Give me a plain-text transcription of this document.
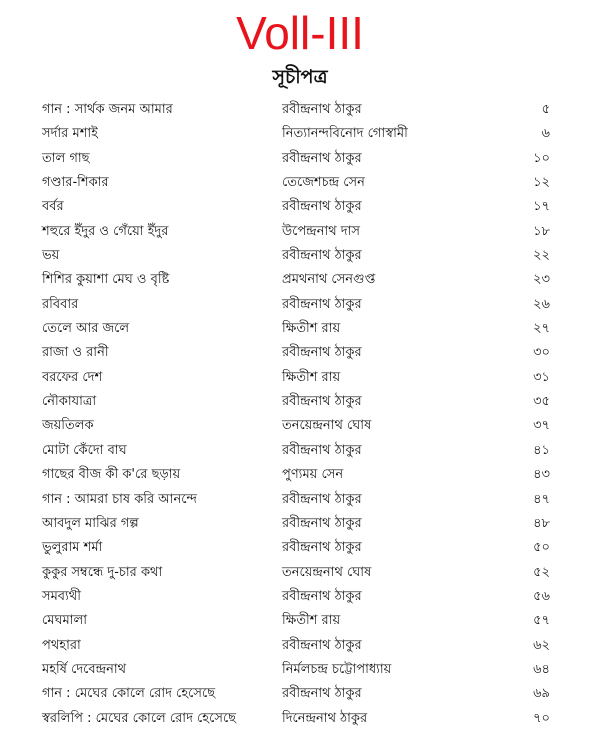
Voll-III
সূচীপত্র
গান : সার্থক জনম আমার	রবীন্দ্রনাথ ঠাকুর	৫
সর্দার মশাই	নিত্যানন্দবিনোদ গোস্বামী	৬
তাল গাছ	রবীন্দ্রনাথ ঠাকুর	১০
গণ্ডার-শিকার	তেজেশচন্দ্র সেন	১২
বর্বর	রবীন্দ্রনাথ ঠাকুর	১৭
শহুরে ইঁদুর ও গেঁয়ো ইঁদুর	উপেন্দ্রনাথ দাস	১৮
ভয়	রবীন্দ্রনাথ ঠাকুর	২২
শিশির কুয়াশা মেঘ ও বৃষ্টি	প্রমথনাথ সেনগুপ্ত	২৩
রবিবার	রবীন্দ্রনাথ ঠাকুর	২৬
তেলে আর জলে	ক্ষিতীশ রায়	২৭
রাজা ও রানী	রবীন্দ্রনাথ ঠাকুর	৩০
বরফের দেশ	ক্ষিতীশ রায়	৩১
নৌকাযাত্রা	রবীন্দ্রনাথ ঠাকুর	৩৫
জয়তিলক	তনয়েন্দ্রনাথ ঘোষ	৩৭
মোটা কেঁদো বাঘ	রবীন্দ্রনাথ ঠাকুর	৪১
গাছের বীজ কী ক'রে ছড়ায়	পুণ্যময় সেন	৪৩
গান : আমরা চাষ করি আনন্দে	রবীন্দ্রনাথ ঠাকুর	৪৭
আবদুল মাঝির গল্প	রবীন্দ্রনাথ ঠাকুর	৪৮
ভুলুরাম শর্মা	রবীন্দ্রনাথ ঠাকুর	৫০
কুকুর সম্বন্ধে দু-চার কথা	তনয়েন্দ্রনাথ ঘোষ	৫২
সমব্যথী	রবীন্দ্রনাথ ঠাকুর	৫৬
মেঘমালা	ক্ষিতীশ রায়	৫৭
পথহারা	রবীন্দ্রনাথ ঠাকুর	৬২
মহর্ষি দেবেন্দ্রনাথ	নির্মলচন্দ্র চট্টোপাধ্যায়	৬৪
গান : মেঘের কোলে রোদ হেসেছে	রবীন্দ্রনাথ ঠাকুর	৬৯
স্বরলিপি : মেঘের কোলে রোদ হেসেছে	দিনেন্দ্রনাথ ঠাকুর	৭০
